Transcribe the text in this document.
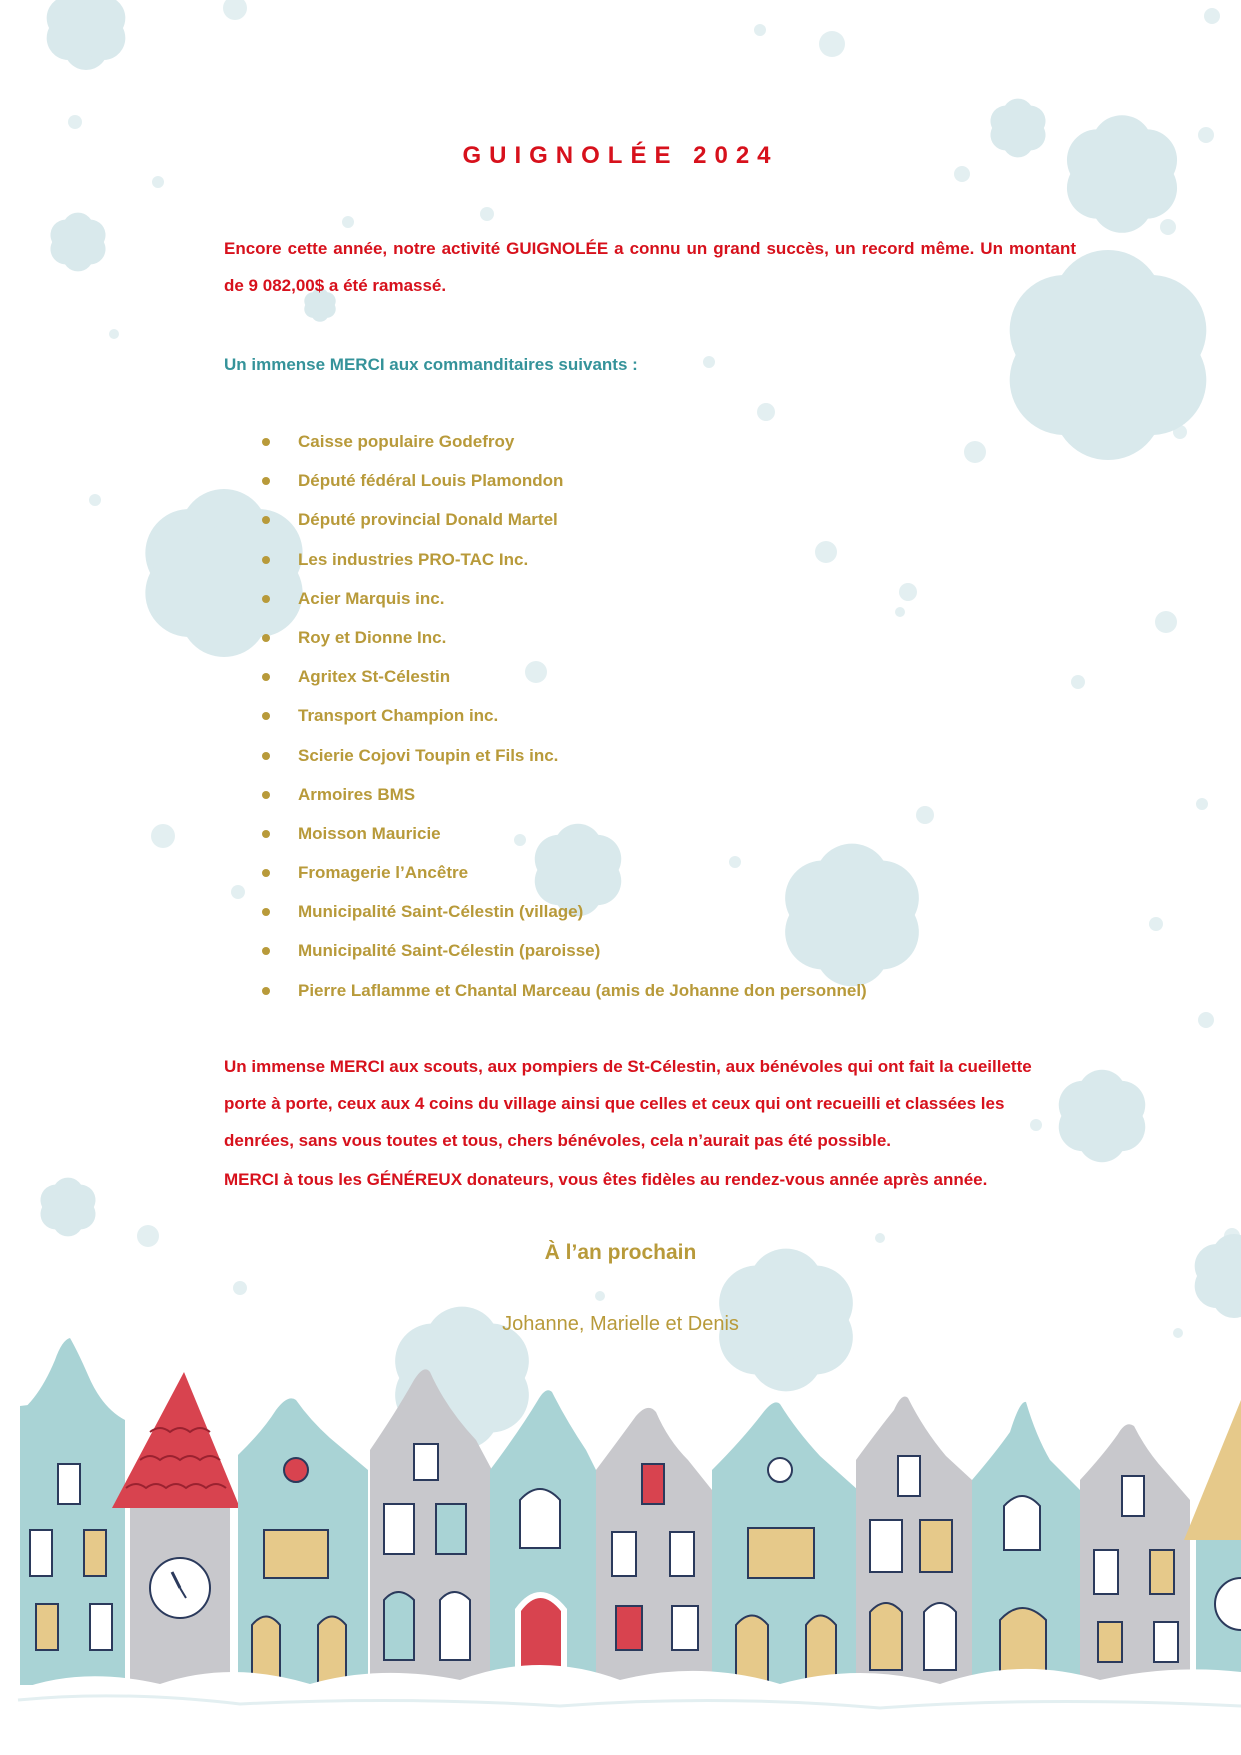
GUIGNOLÉE 2024

Encore cette année, notre activité GUIGNOLÉE a connu un grand succès, un record même. Un montant de 9 082,00$ a été ramassé.

Un immense MERCI aux commanditaires suivants :

Caisse populaire Godefroy
Député fédéral Louis Plamondon
Député provincial Donald Martel
Les industries PRO-TAC Inc.
Acier Marquis inc.
Roy et Dionne Inc.
Agritex St-Célestin
Transport Champion inc.
Scierie Cojovi Toupin et Fils inc.
Armoires BMS
Moisson Mauricie
Fromagerie l’Ancêtre
Municipalité Saint-Célestin (village)
Municipalité Saint-Célestin (paroisse)
Pierre Laflamme et Chantal Marceau (amis de Johanne don personnel)

Un immense MERCI aux scouts, aux pompiers de St-Célestin, aux bénévoles qui ont fait la cueillette porte à porte, ceux aux 4 coins du village ainsi que celles et ceux qui ont recueilli et classées les denrées, sans vous toutes et tous, chers bénévoles, cela n’aurait pas été possible.

MERCI à tous les GÉNÉREUX donateurs, vous êtes fidèles au rendez-vous année après année.

À l’an prochain

Johanne, Marielle et Denis
